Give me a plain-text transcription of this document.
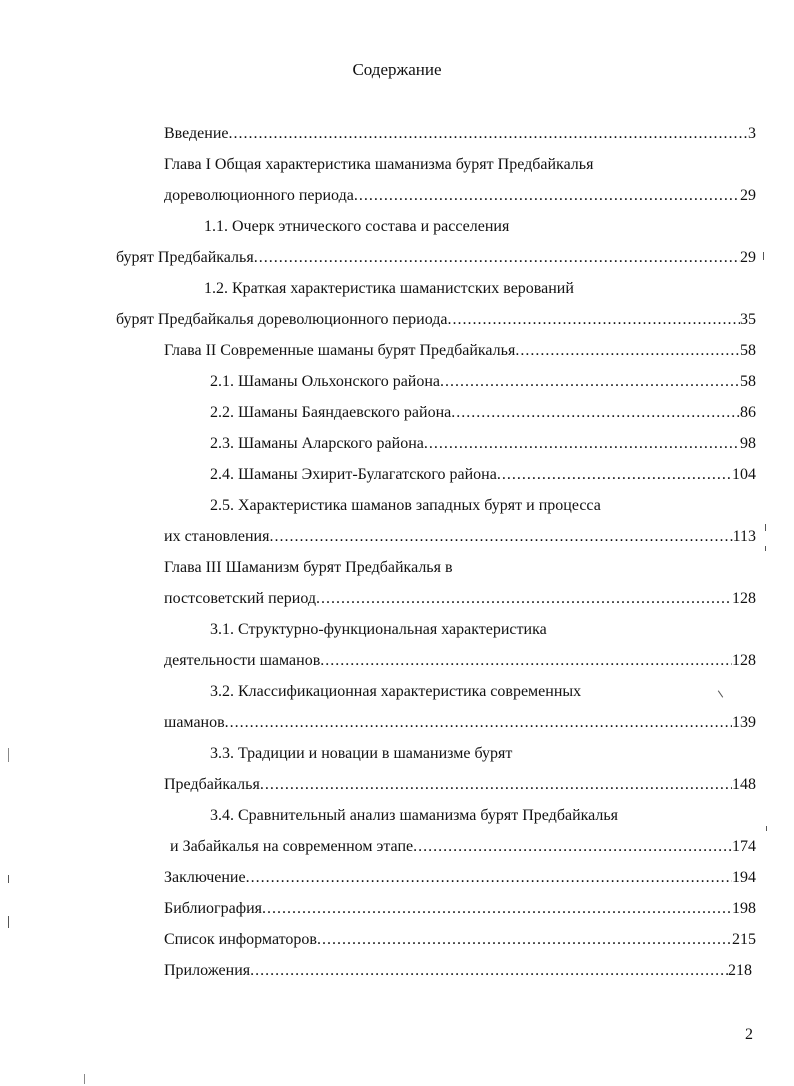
Содержание
Введение .....	3
Глава I Общая характеристика шаманизма бурят Предбайкалья
дореволюционного периода .....	29
1.1. Очерк этнического состава и расселения
бурят Предбайкалья .....	29
1.2. Краткая характеристика шаманистских верований
бурят Предбайкалья дореволюционного периода .....	35
Глава II Современные шаманы бурят Предбайкалья .....	58
2.1. Шаманы Ольхонского района .....	58
2.2. Шаманы Баяндаевского района .....	86
2.3. Шаманы Аларского района .....	98
2.4. Шаманы Эхирит-Булагатского района .....	104
2.5. Характеристика шаманов западных бурят и процесса
их становления .....	113
Глава III Шаманизм бурят Предбайкалья в
постсоветский период .....	128
3.1. Структурно-функциональная характеристика
деятельности шаманов .....	128
3.2. Классификационная характеристика современных
шаманов .....	139
3.3. Традиции и новации в шаманизме бурят
Предбайкалья .....	148
3.4. Сравнительный анализ шаманизма бурят Предбайкалья
и Забайкалья на современном этапе .....	174
Заключение .....	194
Библиография .....	198
Список информаторов .....	215
Приложения .....	218
2
